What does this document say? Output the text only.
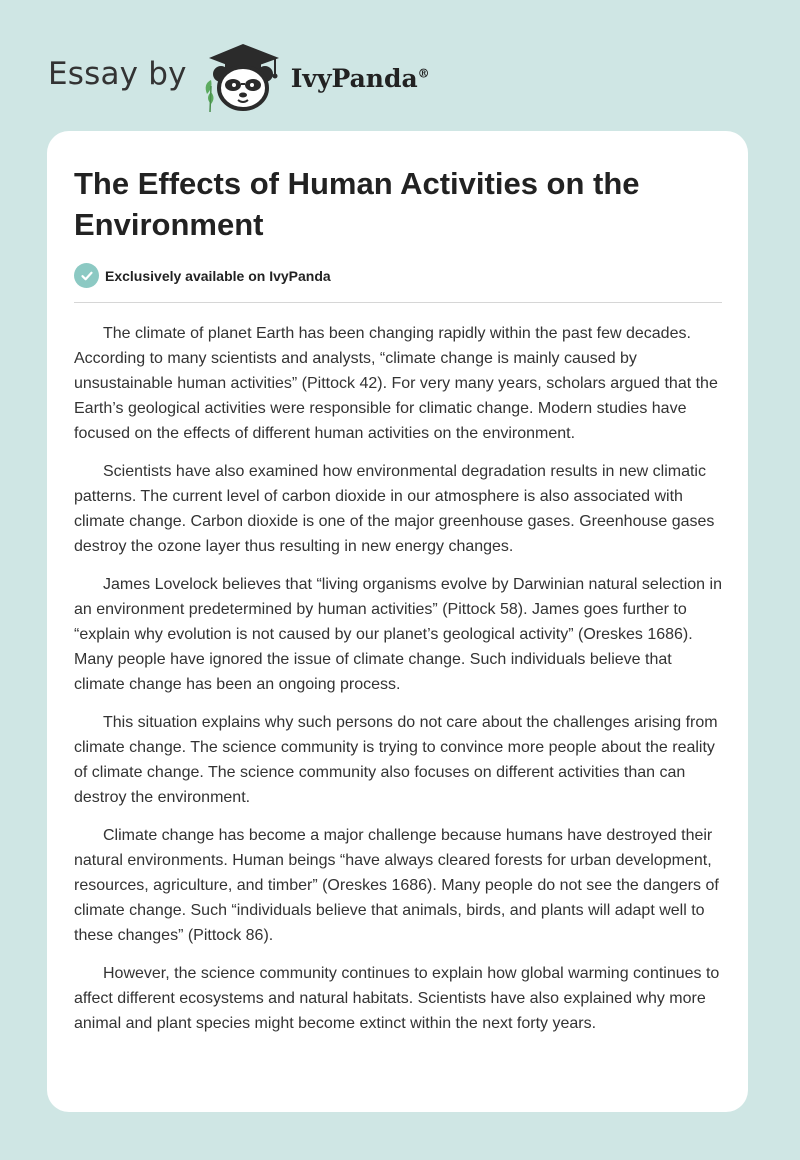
Essay by	IvyPanda®
The Effects of Human Activities on the Environment
Exclusively available on IvyPanda

The climate of planet Earth has been changing rapidly within the past few decades. According to many scientists and analysts, “climate change is mainly caused by unsustainable human activities” (Pittock 42). For very many years, scholars argued that the Earth’s geological activities were responsible for climatic change. Modern studies have focused on the effects of different human activities on the environment.

Scientists have also examined how environmental degradation results in new climatic patterns. The current level of carbon dioxide in our atmosphere is also associated with climate change. Carbon dioxide is one of the major greenhouse gases. Greenhouse gases destroy the ozone layer thus resulting in new energy changes.

James Lovelock believes that “living organisms evolve by Darwinian natural selection in an environment predetermined by human activities” (Pittock 58). James goes further to “explain why evolution is not caused by our planet’s geological activity” (Oreskes 1686). Many people have ignored the issue of climate change. Such individuals believe that climate change has been an ongoing process.

This situation explains why such persons do not care about the challenges arising from climate change. The science community is trying to convince more people about the reality of climate change. The science community also focuses on different activities than can destroy the environment.

Climate change has become a major challenge because humans have destroyed their natural environments. Human beings “have always cleared forests for urban development, resources, agriculture, and timber” (Oreskes 1686). Many people do not see the dangers of climate change. Such “individuals believe that animals, birds, and plants will adapt well to these changes” (Pittock 86).

However, the science community continues to explain how global warming continues to affect different ecosystems and natural habitats. Scientists have also explained why more animal and plant species might become extinct within the next forty years.
